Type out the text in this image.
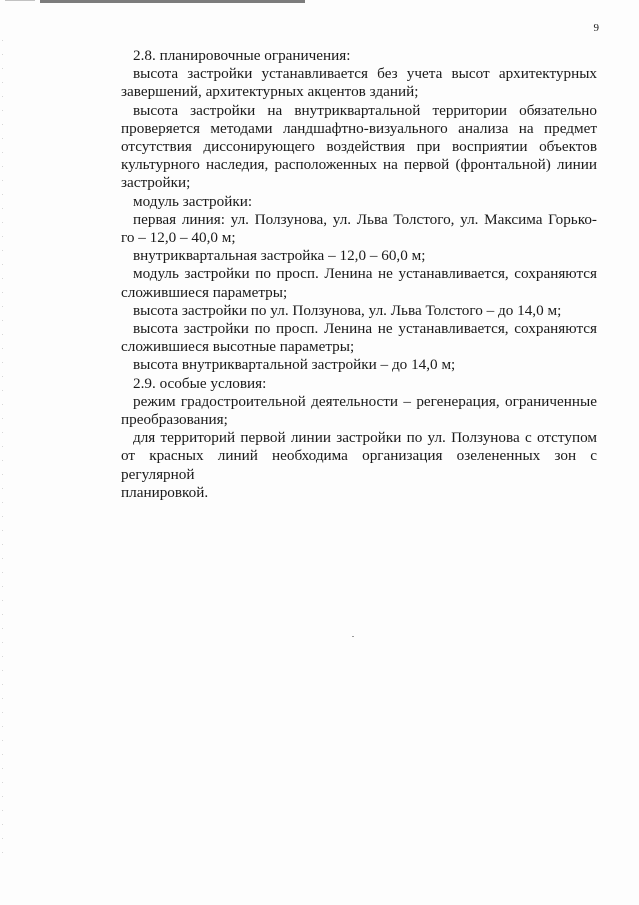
9

2.8. планировочные ограничения:

высота застройки устанавливается без учета высот архитектурных

завершений, архитектурных акцентов зданий;

высота застройки на внутриквартальной территории обязательно

проверяется методами ландшафтно-визуального анализа на предмет

отсутствия диссонирующего воздействия при восприятии объектов

культурного наследия, расположенных на первой (фронтальной) линии

застройки;

модуль застройки:

первая линия: ул. Ползунова, ул. Льва Толстого, ул. Максима Горько-

го – 12,0 – 40,0 м;

внутриквартальная застройка – 12,0 – 60,0 м;

модуль застройки по просп. Ленина не устанавливается, сохраняются

сложившиеся параметры;

высота застройки по ул. Ползунова, ул. Льва Толстого – до 14,0 м;

высота застройки по просп. Ленина не устанавливается, сохраняются

сложившиеся высотные параметры;

высота внутриквартальной застройки – до 14,0 м;

2.9. особые условия:

режим градостроительной деятельности – регенерация, ограниченные

преобразования;

для территорий первой линии застройки по ул. Ползунова с отступом

от красных линий необходима организация озелененных зон с регулярной

планировкой.
